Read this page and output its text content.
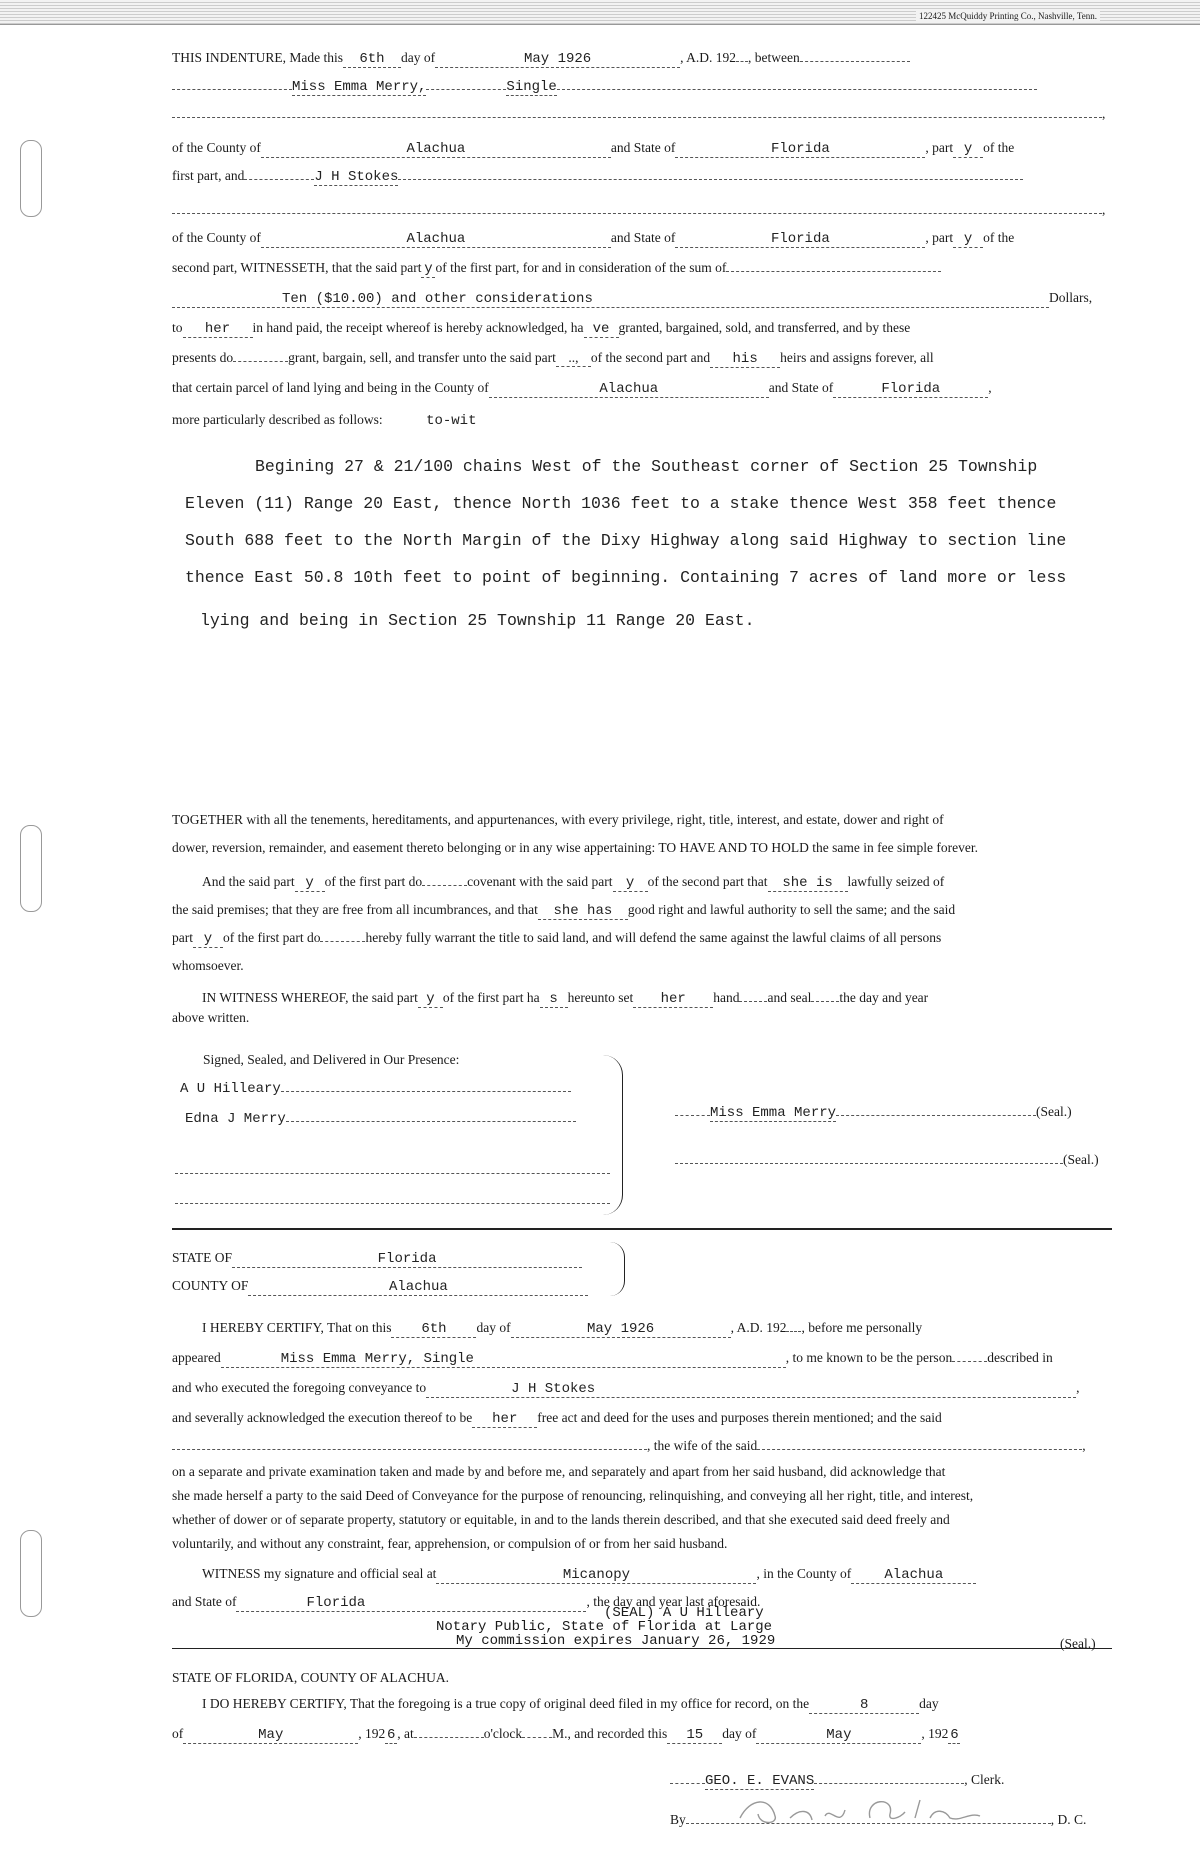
122425 McQuiddy Printing Co., Nashville, Tenn.
THIS INDENTURE, Made this 6th day of	May 1926	, A.D. 192 , between
Miss Emma Merry,	Single
,
of the County of	Alachua	and State of	Florida	, part y of the
first part, and	J H Stokes
,
of the County of	Alachua	and State of	Florida	, part y of the
second part, WITNESSETH, that the said part y of the first part, for and in consideration of the sum of
Ten ($10.00) and other considerations	Dollars,
to her in hand paid, the receipt whereof is hereby acknowledged, ha ve granted, bargained, sold, and transferred, and by these
presents do	grant, bargain, sell, and transfer unto the said part .., of the second part and his heirs and assigns forever, all
that certain parcel of land lying and being in the County of	Alachua	and State of	Florida	,
more particularly described as follows:	to-wit
Begining 27 & 21/100 chains West of the Southeast corner of Section 25 Township
Eleven (11) Range 20 East, thence North 1036 feet to a stake thence West 358 feet thence
South 688 feet to the North Margin of the Dixy Highway along said Highway to section line
thence East 50.8 10th feet to point of beginning. Containing 7 acres of land more or less
lying and being in Section 25 Township 11 Range 20 East.
TOGETHER with all the tenements, hereditaments, and appurtenances, with every privilege, right, title, interest, and estate, dower and right of
dower, reversion, remainder, and easement thereto belonging or in any wise appertaining: TO HAVE AND TO HOLD the same in fee simple forever.
And the said part y of the first part do	covenant with the said part y of the second part that she is lawfully seized of
the said premises; that they are free from all incumbrances, and that she has good right and lawful authority to sell the same; and the said
part y of the first part do	hereby fully warrant the title to said land, and will defend the same against the lawful claims of all persons
whomsoever.
IN WITNESS WHEREOF, the said part y of the first part ha s hereunto set her hand and seal the day and year
above written.
Signed, Sealed, and Delivered in Our Presence:
A U Hilleary
Edna J Merry	Miss Emma Merry	(Seal.)
(Seal.)
STATE OF	Florida
COUNTY OF	Alachua
I HEREBY CERTIFY, That on this 6th day of	May 1926	, A.D. 192 , before me personally
appeared	Miss Emma Merry, Single	, to me known to be the person	described in
and who executed the foregoing conveyance to	J H Stokes	,
and severally acknowledged the execution thereof to be her free act and deed for the uses and purposes therein mentioned; and the said
, the wife of the said	,
on a separate and private examination taken and made by and before me, and separately and apart from her said husband, did acknowledge that
she made herself a party to the said Deed of Conveyance for the purpose of renouncing, relinquishing, and conveying all her right, title, and interest,
whether of dower or of separate property, statutory or equitable, in and to the lands therein described, and that she executed said deed freely and
voluntarily, and without any constraint, fear, apprehension, or compulsion of or from her said husband.
WITNESS my signature and official seal at	Micanopy	, in the County of Alachua
and State of	Florida	, the day and year last aforesaid.
(SEAL) A U Hilleary
Notary Public, State of Florida at Large
My commission expires January 26, 1929	(Seal.)
STATE OF FLORIDA, COUNTY OF ALACHUA.
I DO HEREBY CERTIFY, That the foregoing is a true copy of original deed filed in my office for record, on the	8	day
of	May	, 192 6 , at	o'clock M., and recorded this 15 day of	May	, 192 6
GEO. E. EVANS	, Clerk.
By	, D. C.
